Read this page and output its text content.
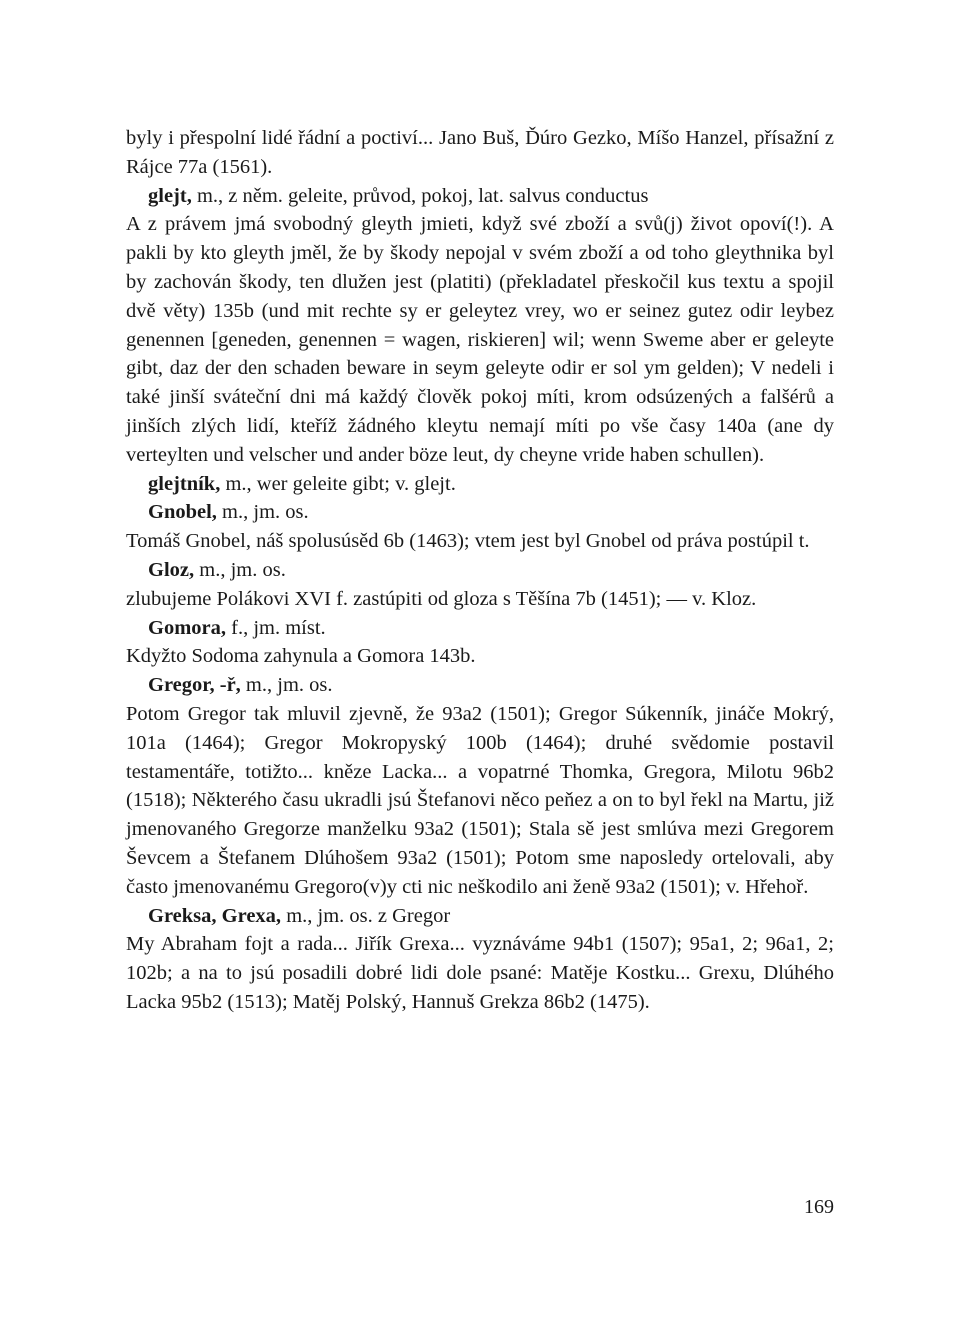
byly i přespolní lidé řádní a poctiví... Jano Buš, Ďúro Gezko, Míšo Hanzel, přísažní z Rájce 77a (1561).

glejt, m., z něm. geleite, průvod, pokoj, lat. salvus conductus

A z právem jmá svobodný gleyth jmieti, když své zboží a svů(j) život opoví(!). A pakli by kto gleyth jměl, že by škody nepojal v svém zboží a od toho gleythnika byl by zachován škody, ten dlužen jest (platiti) (překladatel přeskočil kus textu a spojil dvě věty) 135b (und mit rechte sy er geleytez vrey, wo er seinez gutez odir leybez genennen [geneden, genennen = wagen, riskieren] wil; wenn Sweme aber er geleyte gibt, daz der den schaden beware in seym geleyte odir er sol ym gelden); V nedeli i také jinší sváteční dni má každý člověk pokoj míti, krom odsúzených a falšérů a jinších zlých lidí, kteříž žádného kleytu nemají míti po vše časy 140a (ane dy verteylten und velscher und ander böze leut, dy cheyne vride haben schullen).

glejtník, m., wer geleite gibt; v. glejt.
Gnobel, m., jm. os.

Tomáš Gnobel, náš spolusúsěd 6b (1463); vtem jest byl Gnobel od práva postúpil t.

Gloz, m., jm. os.

zlubujeme Polákovi XVI f. zastúpiti od gloza s Těšína 7b (1451); — v. Kloz.

Gomora, f., jm. míst.

Kdyžto Sodoma zahynula a Gomora 143b.

Gregor, -ř, m., jm. os.

Potom Gregor tak mluvil zjevně, že 93a2 (1501); Gregor Súkenník, jináče Mokrý, 101a (1464); Gregor Mokropyský 100b (1464); druhé svědomie postavil testamentáře, totižto... kněze Lacka... a vopatrné Thomka, Gregora, Milotu 96b2 (1518); Některého času ukradli jsú Štefanovi něco peňez a on to byl řekl na Martu, již jmenovaného Gregorze manželku 93a2 (1501); Stala sě jest smlúva mezi Gregorem Ševcem a Štefanem Dlúhošem 93a2 (1501); Potom sme naposledy ortelovali, aby často jmenovanému Gregoro(v)y cti nic neškodilo ani ženě 93a2 (1501); v. Hřehoř.

Greksa, Grexa, m., jm. os. z Gregor

My Abraham fojt a rada... Jiřík Grexa... vyznáváme 94b1 (1507); 95a1, 2; 96a1, 2; 102b; a na to jsú posadili dobré lidi dole psané: Matěje Kostku... Grexu, Dlúhého Lacka 95b2 (1513); Matěj Polský, Hannuš Grekza 86b2 (1475).

169
